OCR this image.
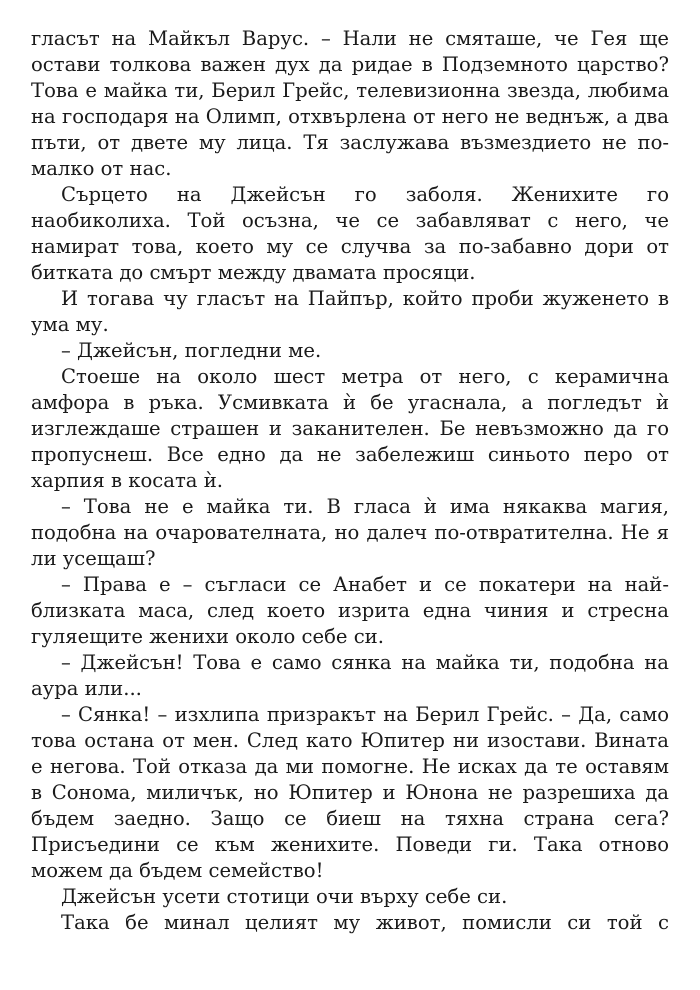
гласът на Майкъл Варус. – Нали не смяташе, че Гея ще остави толкова важен дух да ридае в Подземното царство? Това е майка ти, Берил Грейс, телевизионна звезда, любима на господаря на Олимп, отхвърлена от него не веднъж, а два пъти, от двете му лица. Тя заслужава възмездието не по-малко от нас.

Сърцето на Джейсън го заболя. Женихите го наобиколиха. Той осъзна, че се забавляват с него, че намират това, което му се случва за по-забавно дори от битката до смърт между двамата просяци.

И тогава чу гласът на Пайпър, който проби жуженето в ума му.

– Джейсън, погледни ме.

Стоеше на около шест метра от него, с керамична амфора в ръка. Усмивката ѝ бе угаснала, а погледът ѝ изглеждаше страшен и заканителен. Бе невъзможно да го пропуснеш. Все едно да не забележиш синьото перо от харпия в косата ѝ.

– Това не е майка ти. В гласа ѝ има някаква магия, подобна на очарователната, но далеч по-отвратителна. Не я ли усещаш?

– Права е – съгласи се Анабет и се покатери на най-близката маса, след което изрита една чиния и стресна гуляещите женихи около себе си.

– Джейсън! Това е само сянка на майка ти, подобна на аура или...

– Сянка! – изхлипа призракът на Берил Грейс. – Да, само това остана от мен. След като Юпитер ни изостави. Вината е негова. Той отказа да ми помогне. Не исках да те оставям в Сонома, миличък, но Юпитер и Юнона не разрешиха да бъдем заедно. Защо се биеш на тяхна страна сега? Присъедини се към женихите. Поведи ги. Така отново можем да бъдем семейство!

Джейсън усети стотици очи върху себе си.

Така бе минал целият му живот, помисли си той с
